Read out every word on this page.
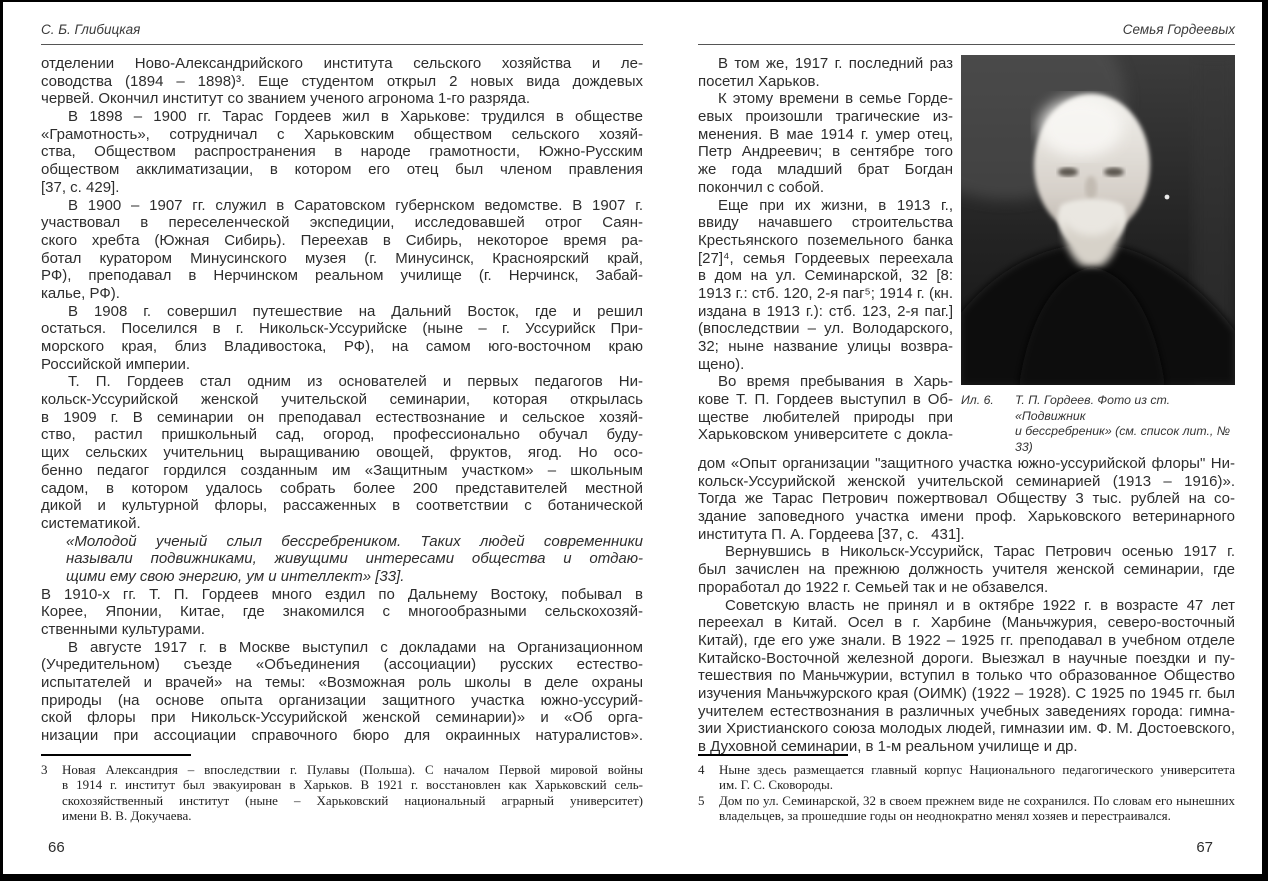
С. Б. Глибицкая
отделении Ново-Александрийского института сельского хозяйства и ле-
соводства (1894 – 1898)³. Еще студентом открыл 2 новых вида дождевых
червей. Окончил институт со званием ученого агронома 1-го разряда.
В 1898 – 1900 гг. Тарас Гордеев жил в Харькове: трудился в обществе
«Грамотность», сотрудничал с Харьковским обществом сельского хозяй-
ства, Обществом распространения в народе грамотности, Южно-Русским
обществом акклиматизации, в котором его отец был членом правления
[37, с. 429].
В 1900 – 1907 гг. служил в Саратовском губернском ведомстве. В 1907 г.
участвовал в переселенческой экспедиции, исследовавшей отрог Саян-
ского хребта (Южная Сибирь). Переехав в Сибирь, некоторое время ра-
ботал куратором Минусинского музея (г. Минусинск, Красноярский край,
РФ), преподавал в Нерчинском реальном училище (г. Нерчинск, Забай-
калье, РФ).
В 1908 г. совершил путешествие на Дальний Восток, где и решил
остаться. Поселился в г. Никольск-Уссурийске (ныне – г. Уссурийск При-
морского края, близ Владивостока, РФ), на самом юго-восточном краю
Российской империи.
Т. П. Гордеев стал одним из основателей и первых педагогов Ни-
кольск-Уссурийской женской учительской семинарии, которая открылась
в 1909 г. В семинарии он преподавал естествознание и сельское хозяй-
ство, растил пришкольный сад, огород, профессионально обучал буду-
щих сельских учительниц выращиванию овощей, фруктов, ягод. Но осо-
бенно педагог гордился созданным им «Защитным участком» – школьным
садом, в котором удалось собрать более 200 представителей местной
дикой и культурной флоры, рассаженных в соответствии с ботанической
систематикой.
«Молодой ученый слыл бессребреником. Таких людей современники
называли подвижниками, живущими интересами общества и отдаю-
щими ему свою энергию, ум и интеллект» [33].
В 1910-х гг. Т. П. Гордеев много ездил по Дальнему Востоку, побывал в
Корее, Японии, Китае, где знакомился с многообразными сельскохозяй-
ственными культурами.
В августе 1917 г. в Москве выступил с докладами на Организационном
(Учредительном) съезде «Объединения (ассоциации) русских естество-
испытателей и врачей» на темы: «Возможная роль школы в деле охраны
природы (на основе опыта организации защитного участка южно-уссурий-
ской флоры при Никольск-Уссурийской женской семинарии)» и «Об орга-
низации при ассоциации справочного бюро для окраинных натуралистов».
3	Новая Александрия – впоследствии г. Пулавы (Польша). С началом Первой мировой войны
в 1914 г. институт был эвакуирован в Харьков. В 1921 г. восстановлен как Харьковский сель-
скохозяйственный институт (ныне – Харьковский национальный аграрный университет)
имени В. В. Докучаева.
66
Семья Гордеевых
В том же, 1917 г. последний раз
посетил Харьков.
К этому времени в семье Горде-
евых произошли трагические из-
менения. В мае 1914 г. умер отец,
Петр Андреевич; в сентябре того
же года младший брат Богдан
покончил с собой.
Еще при их жизни, в 1913 г.,
ввиду начавшего строительства
Крестьянского поземельного банка
[27]⁴, семья Гордеевых переехала
в дом на ул. Семинарской, 32 [8:
1913 г.: стб. 120, 2-я паг⁵; 1914 г. (кн.
издана в 1913 г.): стб. 123, 2-я паг.]
(впоследствии – ул. Володарского,
32; ныне название улицы возвра-
щено).
Во время пребывания в Харь-
кове Т. П. Гордеев выступил в Об-
ществе любителей природы при
Харьковском университете с докла-
Ил. 6.	Т. П. Гордеев. Фото из ст. «Подвижник
и бессребреник» (см. список лит., № 33)
дом «Опыт организации "защитного участка южно-уссурийской флоры" Ни-
кольск-Уссурийской женской учительской семинарией (1913 – 1916)».
Тогда же Тарас Петрович пожертвовал Обществу 3 тыс. рублей на со-
здание заповедного участка имени проф. Харьковского ветеринарного
института П. А. Гордеева [37, с.   431].
Вернувшись в Никольск-Уссурийск, Тарас Петрович осенью 1917 г.
был зачислен на прежнюю должность учителя женской семинарии, где
проработал до 1922 г. Семьей так и не обзавелся.
Советскую власть не принял и в октябре 1922 г. в возрасте 47 лет
переехал в Китай. Осел в г. Харбине (Маньчжурия, северо-восточный
Китай), где его уже знали. В 1922 – 1925 гг. преподавал в учебном отделе
Китайско-Восточной железной дороги. Выезжал в научные поездки и пу-
тешествия по Маньчжурии, вступил в только что образованное Общество
изучения Маньчжурского края (ОИМК) (1922 – 1928). С 1925 по 1945 гг. был
учителем естествознания в различных учебных заведениях города: гимна-
зии Христианского союза молодых людей, гимназии им. Ф. М. Достоевского,
в Духовной семинарии, в 1-м реальном училище и др.
4	Ныне здесь размещается главный корпус Национального педагогического университета
им. Г. С. Сковороды.
5	Дом по ул. Семинарской, 32 в своем прежнем виде не сохранился. По словам его нынешних
владельцев, за прошедшие годы он неоднократно менял хозяев и перестраивался.
67
